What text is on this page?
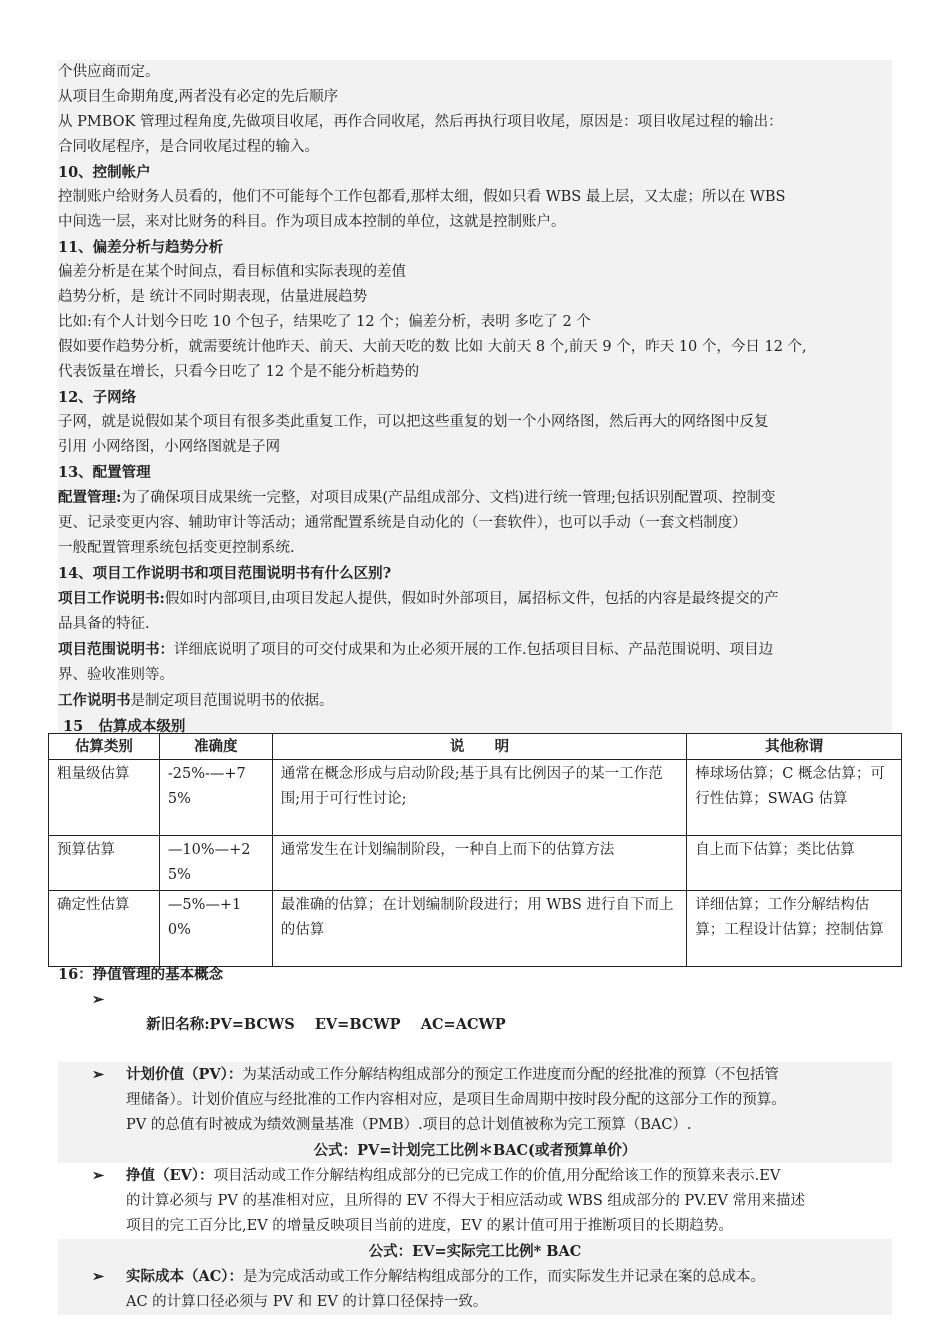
个供应商而定。
从项目生命期角度,两者没有必定的先后顺序
从 PMBOK 管理过程角度,先做项目收尾，再作合同收尾，然后再执行项目收尾，原因是：项目收尾过程的输出：
合同收尾程序，是合同收尾过程的输入。
10、控制帐户
控制账户给财务人员看的，他们不可能每个工作包都看,那样太细，假如只看 WBS 最上层，又太虚；所以在 WBS
中间选一层，来对比财务的科目。作为项目成本控制的单位，这就是控制账户。
11、偏差分析与趋势分析
偏差分析是在某个时间点，看目标值和实际表现的差值
趋势分析，是 统计不同时期表现，估量进展趋势
比如:有个人计划今日吃 10 个包子，结果吃了 12 个；偏差分析，表明 多吃了 2 个
假如要作趋势分析，就需要统计他昨天、前天、大前天吃的数 比如 大前天 8 个,前天 9 个，昨天 10 个，今日 12 个,
代表饭量在增长，只看今日吃了 12 个是不能分析趋势的
12、子网络
子网，就是说假如某个项目有很多类此重复工作，可以把这些重复的划一个小网络图，然后再大的网络图中反复
引用 小网络图，小网络图就是子网
13、配置管理
配置管理:为了确保项目成果统一完整，对项目成果(产品组成部分、文档)进行统一管理;包括识别配置项、控制变
更、记录变更内容、辅助审计等活动；通常配置系统是自动化的（一套软件），也可以手动（一套文档制度）
一般配置管理系统包括变更控制系统.
14、项目工作说明书和项目范围说明书有什么区别?
项目工作说明书:假如时内部项目,由项目发起人提供，假如时外部项目，属招标文件，包括的内容是最终提交的产
品具备的特征.
项目范围说明书：详细底说明了项目的可交付成果和为止必须开展的工作.包括项目目标、产品范围说明、项目边
界、验收准则等。
工作说明书是制定项目范围说明书的依据。
15   估算成本级别
估算类别	准确度	说      明	其他称谓
粗量级估算	-25%-—+75%	通常在概念形成与启动阶段;基于具有比例因子的某一工作范围;用于可行性讨论;	棒球场估算；C 概念估算；可行性估算；SWAG 估算
预算估算	—10%—+25%	通常发生在计划编制阶段，一种自上而下的估算方法	自上而下估算；类比估算
确定性估算	—5%—+10%	最准确的估算；在计划编制阶段进行；用 WBS 进行自下而上的估算	详细估算；工作分解结构估算；工程设计估算；控制估算
16：挣值管理的基本概念

➢
新旧名称:PV=BCWS    EV=BCWP    AC=ACWP

➢ 计划价值（PV）：为某活动或工作分解结构组成部分的预定工作进度而分配的经批准的预算（不包括管
理储备）。计划价值应与经批准的工作内容相对应，是项目生命周期中按时段分配的这部分工作的预算。
PV 的总值有时被成为绩效测量基准（PMB）.项目的总计划值被称为完工预算（BAC）.
公式：PV=计划完工比例＊BAC(或者预算单价）
➢ 挣值（EV）：项目活动或工作分解结构组成部分的已完成工作的价值,用分配给该工作的预算来表示.EV
的计算必须与 PV 的基准相对应，且所得的 EV 不得大于相应活动或 WBS 组成部分的 PV.EV 常用来描述
项目的完工百分比,EV 的增量反映项目当前的进度，EV 的累计值可用于推断项目的长期趋势。
公式：EV=实际完工比例* BAC
➢ 实际成本（AC）：是为完成活动或工作分解结构组成部分的工作，而实际发生并记录在案的总成本。
AC 的计算口径必须与 PV 和 EV 的计算口径保持一致。
